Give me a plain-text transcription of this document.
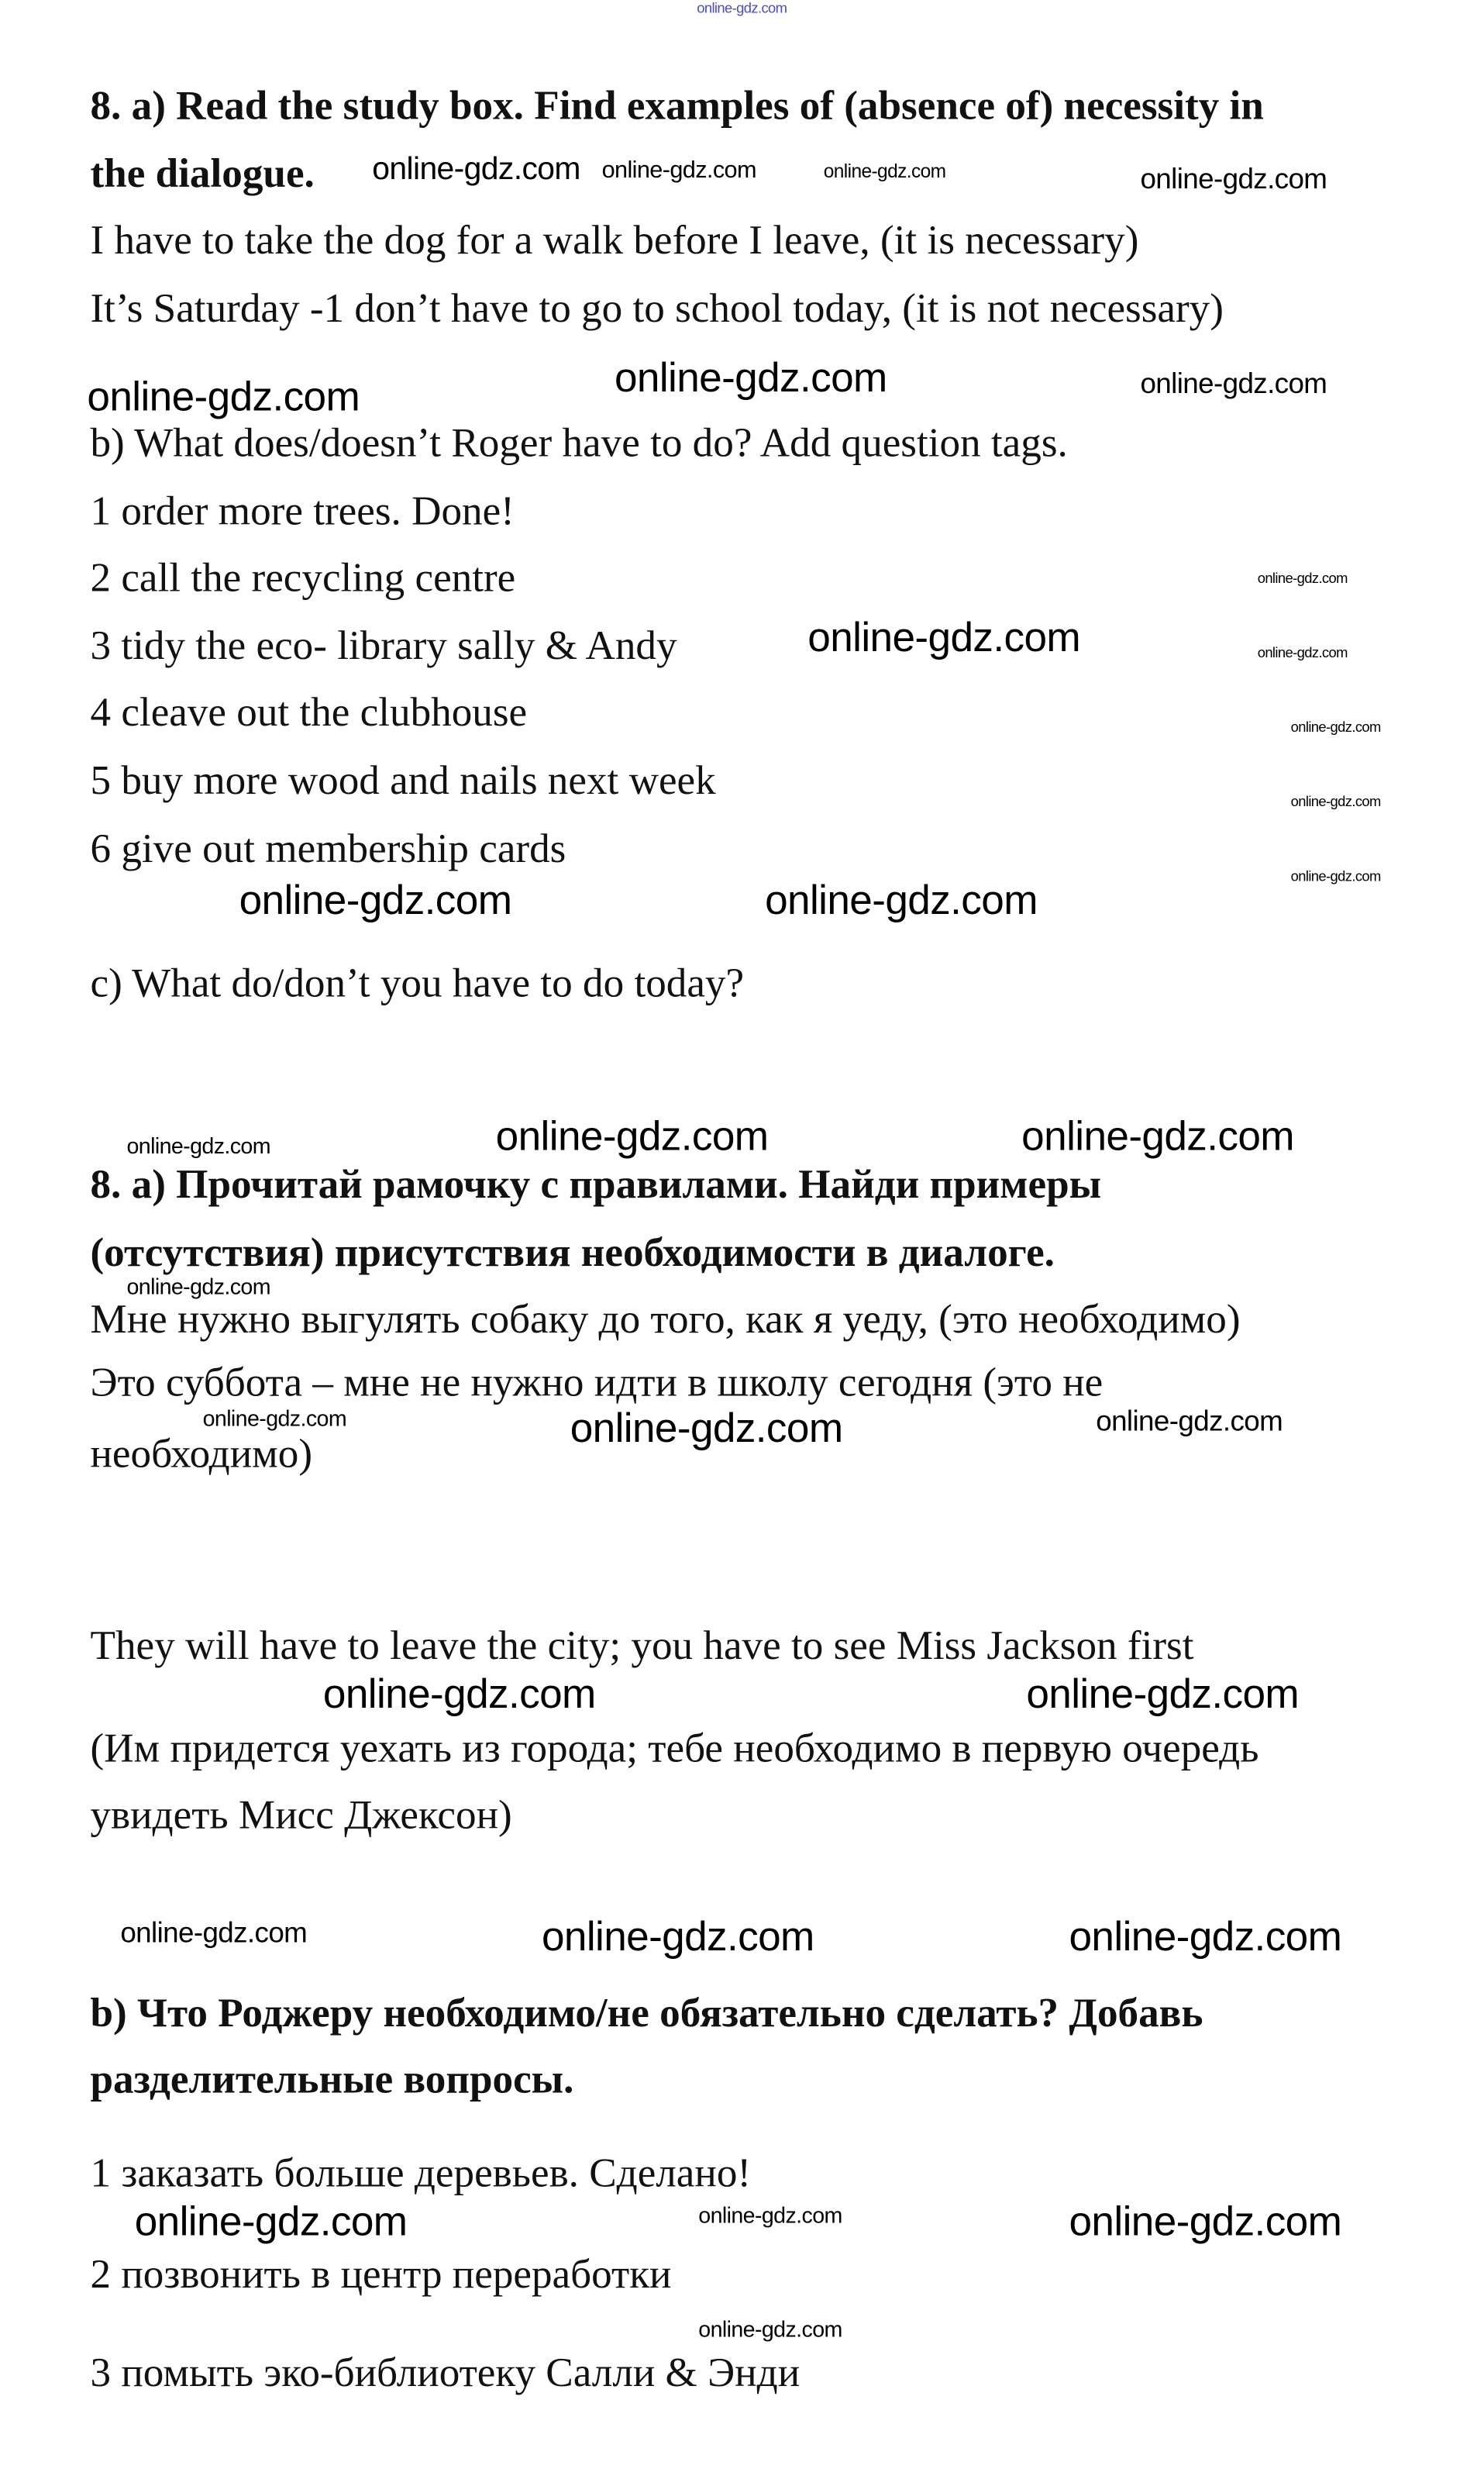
online-gdz.com
8. a) Read the study box. Find examples of (absence of) necessity in
the dialogue.
I have to take the dog for a walk before I leave, (it is necessary)
It’s Saturday -1 don’t have to go to school today, (it is not necessary)
b) What does/doesn’t Roger have to do? Add question tags.
1 order more trees. Done!
2 call the recycling centre
3 tidy the eco- library sally & Andy
4 cleave out the clubhouse
5 buy more wood and nails next week
6 give out membership cards
c) What do/don’t you have to do today?
8. а) Прочитай рамочку с правилами. Найди примеры
(отсутствия) присутствия необходимости в диалоге.
Мне нужно выгулять собаку до того, как я уеду, (это необходимо)
Это суббота – мне не нужно идти в школу сегодня (это не
необходимо)
They will have to leave the city; you have to see Miss Jackson first
(Им придется уехать из города; тебе необходимо в первую очередь
увидеть Мисс Джексон)
b) Что Роджеру необходимо/не обязательно сделать? Добавь
разделительные вопросы.
1 заказать больше деревьев. Сделано!
2 позвонить в центр переработки
3 помыть эко-библиотеку Салли & Энди
online-gdz.com online-gdz.com	online-gdz.com	online-gdz.com
online-gdz.com	online-gdz.com	online-gdz.com
online-gdz.com
online-gdz.com	online-gdz.com
online-gdz.com
online-gdz.com
online-gdz.com
online-gdz.com	online-gdz.com
online-gdz.com	online-gdz.com	online-gdz.com
online-gdz.com
online-gdz.com	online-gdz.com	online-gdz.com
online-gdz.com	online-gdz.com
online-gdz.com	online-gdz.com	online-gdz.com
online-gdz.com	online-gdz.com	online-gdz.com
online-gdz.com
